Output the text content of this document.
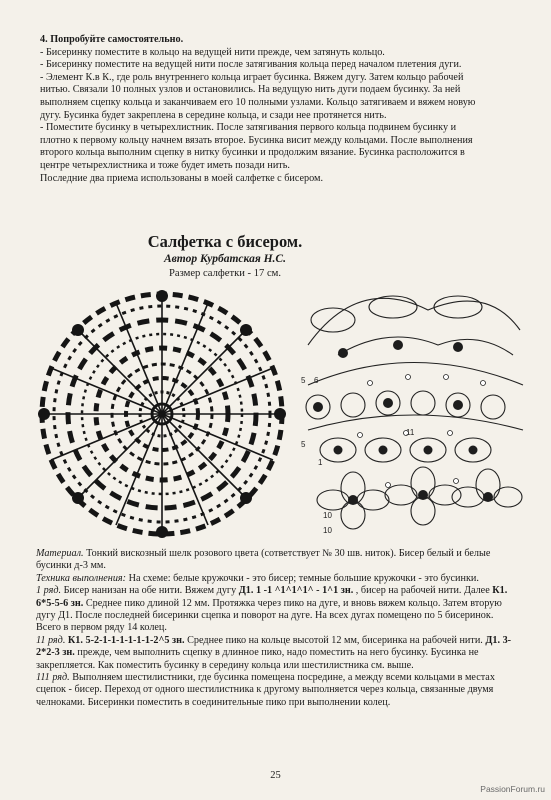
4. Попробуйте самостоятельно.

- Бисеринку поместите в кольцо на ведущей нити прежде, чем затянуть кольцо.

- Бисеринку поместите на ведущей нити после затягивания кольца перед началом плетения дуги.

- Элемент К.в К., где роль внутреннего кольца играет бусинка. Вяжем дугу. Затем кольцо рабочей

нитью. Связали 10 полных узлов и остановились. На ведущую нить дуги подаем бусинку. За ней

выполняем сцепку кольца и заканчиваем его 10 полными узлами. Кольцо затягиваем и вяжем новую

дугу. Бусинка будет закреплена в середине кольца, и сзади нее протянется нить.

- Поместите бусинку в четырехлистник. После затягивания первого кольца подвинем бусинку и

плотно к первому кольцу начнем вязать второе. Бусинка висит между кольцами. После выполнения

второго кольца выполним сцепку в нитку бусинки и продолжим вязание. Бусинка расположится в

центре четырехлистника и тоже будет иметь позади нить.

Последние два приема использованы в моей салфетке с бисером.

Салфетка с бисером.
Автор Курбатская Н.С.
Размер салфетки - 17 см.
5
5
6
1
11
10
10

Материал. Тонкий вискозный шелк розового цвета (сответствует № 30 шв. ниток). Бисер белый и белые бусинки д-3 мм.

Техника выполнения: На схеме: белые кружочки - это бисер; темные большие кружочки - это бусинки.

1 ряд. Бисер нанизан на обе нити. Вяжем дугу Д1. 1 -1 ^1^1^1^ - 1^1 зн. , бисер на рабочей нити. Далее К1. 6*5-5-6 зн. Среднее пико длиной 12 мм. Протяжка через пико на дуге, и вновь вяжем кольцо. Затем вторую дугу Д1. После последней бисеринки сцепка и поворот на дуге. На всех дугах помещено по 5 бисеринок. Всего в первом ряду 14 колец.

11 ряд. К1. 5-2-1-1-1-1-1-1-2^5 зн. Среднее пико на кольце высотой 12 мм, бисеринка на рабочей нити. Д1. 3-2*2-3 зн. прежде, чем выполнить сцепку в длинное пико, надо поместить на него бусинку. Бусинка не закрепляется. Как поместить бусинку в середину кольца или шестилистника см. выше.

111 ряд. Выполняем шестилистники, где бусинка помещена посредине, а между всеми кольцами в местах сцепок - бисер. Переход от одного шестилистника к другому выполняется через кольца, связанные двумя челноками. Бисеринки поместить в соединительные пико при выполнении колец.

25
PassionForum.ru
